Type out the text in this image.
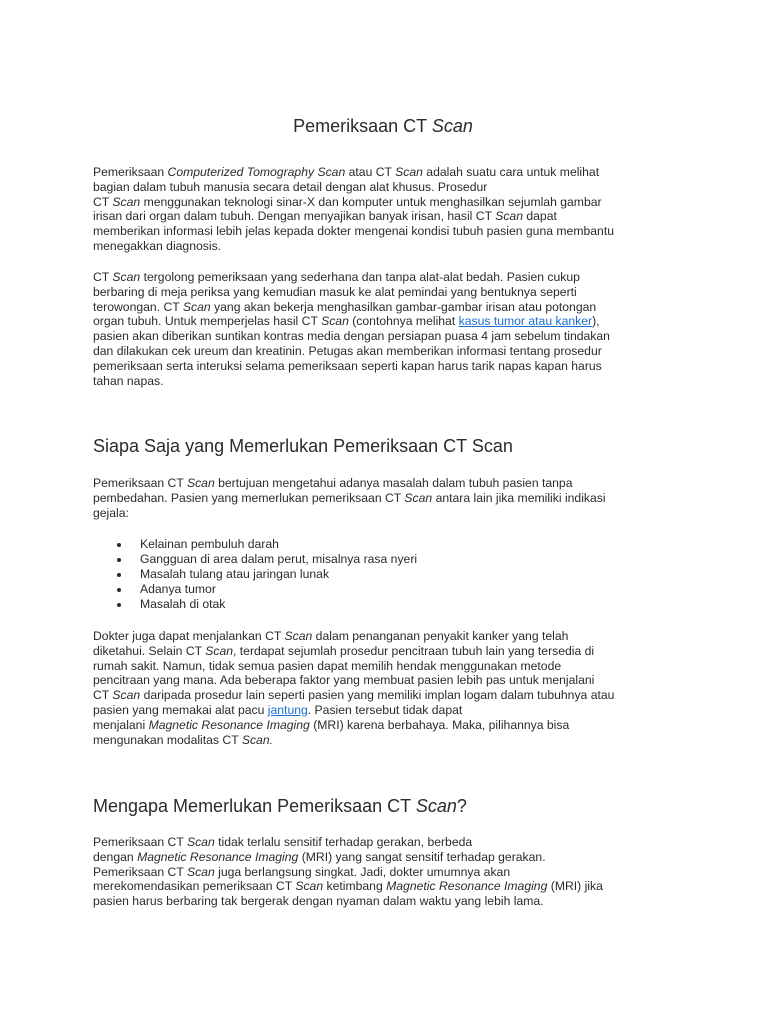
Pemeriksaan CT Scan
Pemeriksaan Computerized Tomography Scan atau CT Scan adalah suatu cara untuk melihat
bagian dalam tubuh manusia secara detail dengan alat khusus. Prosedur
CT Scan menggunakan teknologi sinar-X dan komputer untuk menghasilkan sejumlah gambar
irisan dari organ dalam tubuh. Dengan menyajikan banyak irisan, hasil CT Scan dapat
memberikan informasi lebih jelas kepada dokter mengenai kondisi tubuh pasien guna membantu
menegakkan diagnosis.
CT Scan tergolong pemeriksaan yang sederhana dan tanpa alat-alat bedah. Pasien cukup
berbaring di meja periksa yang kemudian masuk ke alat pemindai yang bentuknya seperti
terowongan. CT Scan yang akan bekerja menghasilkan gambar-gambar irisan atau potongan
organ tubuh. Untuk memperjelas hasil CT Scan (contohnya melihat kasus tumor atau kanker),
pasien akan diberikan suntikan kontras media dengan persiapan puasa 4 jam sebelum tindakan
dan dilakukan cek ureum dan kreatinin. Petugas akan memberikan informasi tentang prosedur
pemeriksaan serta interuksi selama pemeriksaan seperti kapan harus tarik napas kapan harus
tahan napas.
Siapa Saja yang Memerlukan Pemeriksaan CT Scan
Pemeriksaan CT Scan bertujuan mengetahui adanya masalah dalam tubuh pasien tanpa
pembedahan. Pasien yang memerlukan pemeriksaan CT Scan antara lain jika memiliki indikasi
gejala:
Kelainan pembuluh darah
Gangguan di area dalam perut, misalnya rasa nyeri
Masalah tulang atau jaringan lunak
Adanya tumor
Masalah di otak
Dokter juga dapat menjalankan CT Scan dalam penanganan penyakit kanker yang telah
diketahui. Selain CT Scan, terdapat sejumlah prosedur pencitraan tubuh lain yang tersedia di
rumah sakit. Namun, tidak semua pasien dapat memilih hendak menggunakan metode
pencitraan yang mana. Ada beberapa faktor yang membuat pasien lebih pas untuk menjalani
CT Scan daripada prosedur lain seperti pasien yang memiliki implan logam dalam tubuhnya atau
pasien yang memakai alat pacu jantung. Pasien tersebut tidak dapat
menjalani Magnetic Resonance Imaging (MRI) karena berbahaya. Maka, pilihannya bisa
mengunakan modalitas CT Scan.
Mengapa Memerlukan Pemeriksaan CT Scan?
Pemeriksaan CT Scan tidak terlalu sensitif terhadap gerakan, berbeda
dengan Magnetic Resonance Imaging (MRI) yang sangat sensitif terhadap gerakan.
Pemeriksaan CT Scan juga berlangsung singkat. Jadi, dokter umumnya akan
merekomendasikan pemeriksaan CT Scan ketimbang Magnetic Resonance Imaging (MRI) jika
pasien harus berbaring tak bergerak dengan nyaman dalam waktu yang lebih lama.
